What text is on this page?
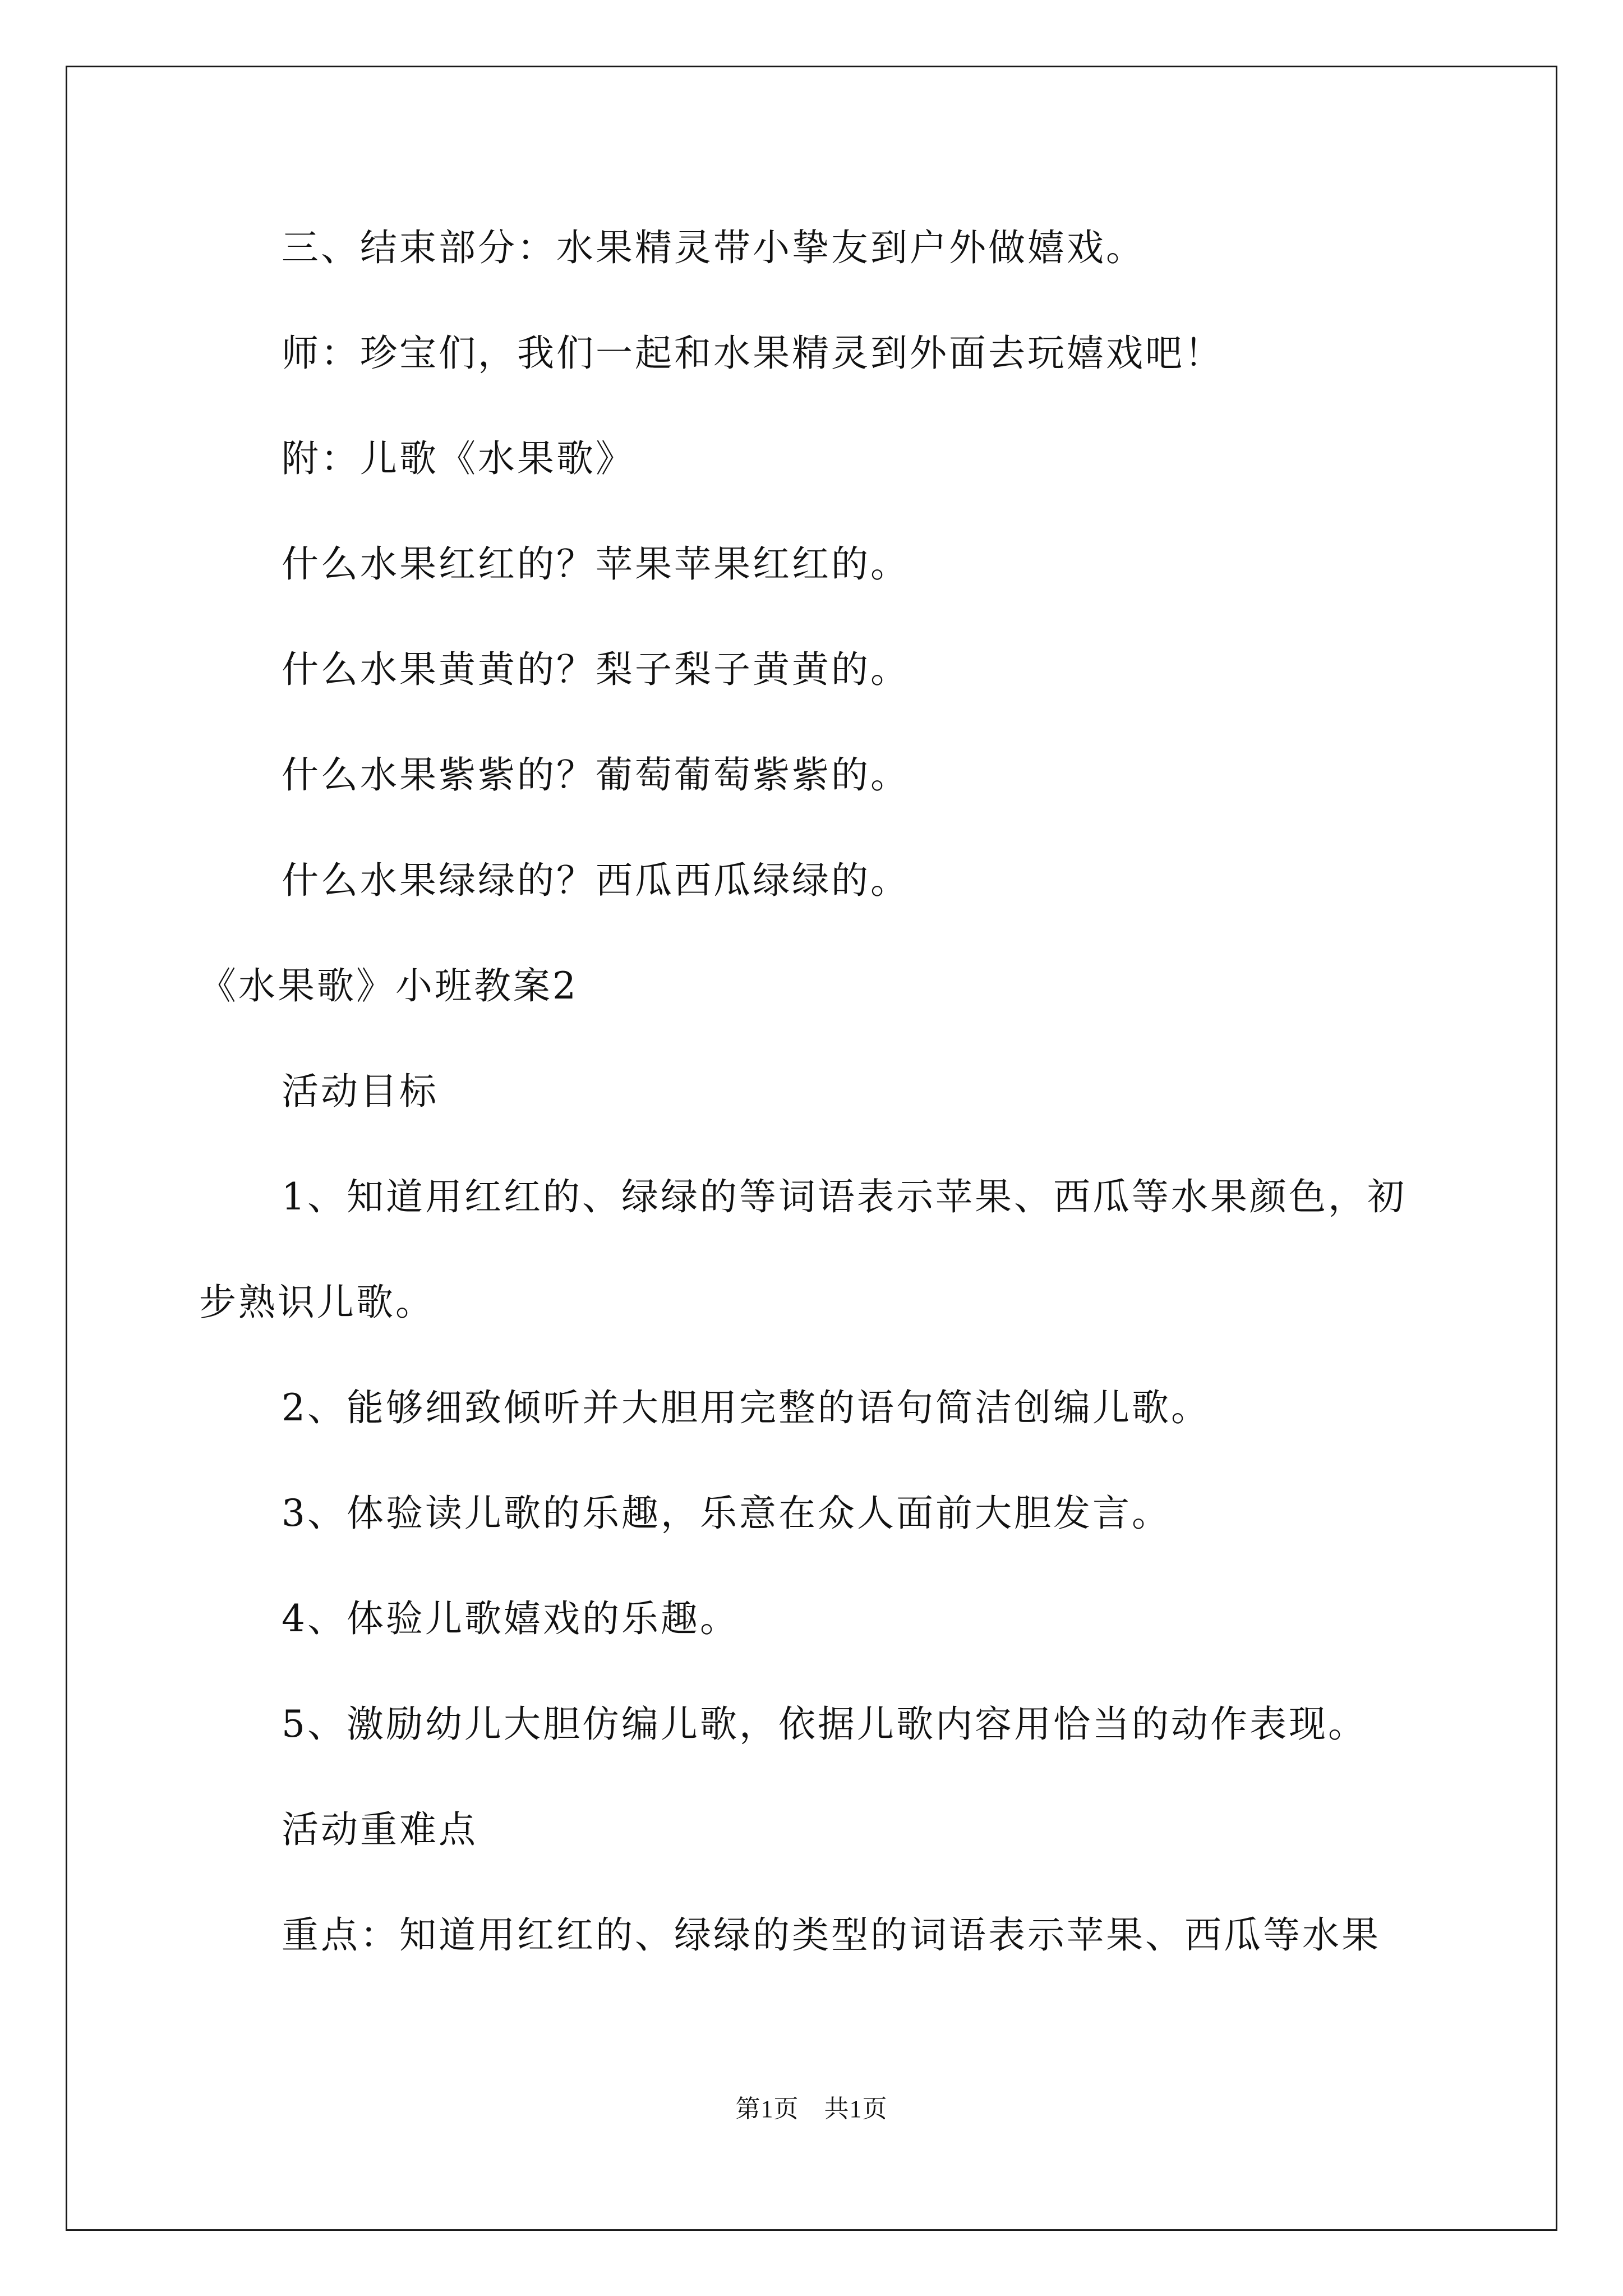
三、结束部分：水果精灵带小挚友到户外做嬉戏。
师：珍宝们，我们一起和水果精灵到外面去玩嬉戏吧！
附：儿歌《水果歌》
什么水果红红的？苹果苹果红红的。
什么水果黄黄的？梨子梨子黄黄的。
什么水果紫紫的？葡萄葡萄紫紫的。
什么水果绿绿的？西瓜西瓜绿绿的。
《水果歌》小班教案2
活动目标
1、知道用红红的、绿绿的等词语表示苹果、西瓜等水果颜色，初
步熟识儿歌。
2、能够细致倾听并大胆用完整的语句简洁创编儿歌。
3、体验读儿歌的乐趣，乐意在众人面前大胆发言。
4、体验儿歌嬉戏的乐趣。
5、激励幼儿大胆仿编儿歌，依据儿歌内容用恰当的动作表现。
活动重难点
重点：知道用红红的、绿绿的类型的词语表示苹果、西瓜等水果
第1页　共1页
